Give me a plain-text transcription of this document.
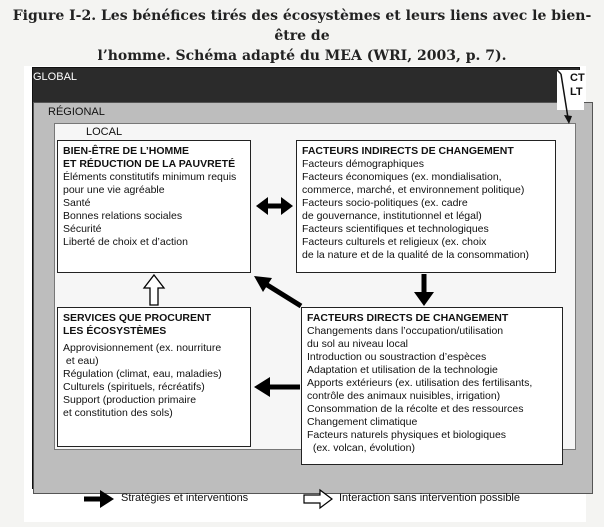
Figure I-2. Les bénéfices tirés des écosystèmes et leurs liens avec le bien-être de
l’homme. Schéma adapté du MEA (WRI, 2003, p. 7).
GLOBAL
RÉGIONAL
LOCAL
CT
LT
BIEN-ÊTRE DE L’HOMME
ET RÉDUCTION DE LA PAUVRETÉ
Éléments constitutifs minimum requis
pour une vie agréable
Santé
Bonnes relations sociales
Sécurité
Liberté de choix et d’action
FACTEURS INDIRECTS DE CHANGEMENT
Facteurs démographiques
Facteurs économiques (ex. mondialisation,
commerce, marché, et environnement politique)
Facteurs socio-politiques (ex. cadre
de gouvernance, institutionnel et légal)
Facteurs scientifiques et technologiques
Facteurs culturels et religieux (ex. choix
de la nature et de la qualité de la consommation)
SERVICES QUE PROCURENT
LES ÉCOSYSTÈMES
Approvisionnement (ex. nourriture
et eau)
Régulation (climat, eau, maladies)
Culturels (spirituels, récréatifs)
Support (production primaire
et constitution des sols)
FACTEURS DIRECTS DE CHANGEMENT
Changements dans l’occupation/utilisation
du sol au niveau local
Introduction ou soustraction d’espèces
Adaptation et utilisation de la technologie
Apports extérieurs (ex. utilisation des fertilisants,
contrôle des animaux nuisibles, irrigation)
Consommation de la récolte et des ressources
Changement climatique
Facteurs naturels physiques et biologiques
(ex. volcan, évolution)
Stratégies et interventions	Interaction sans intervention possible
